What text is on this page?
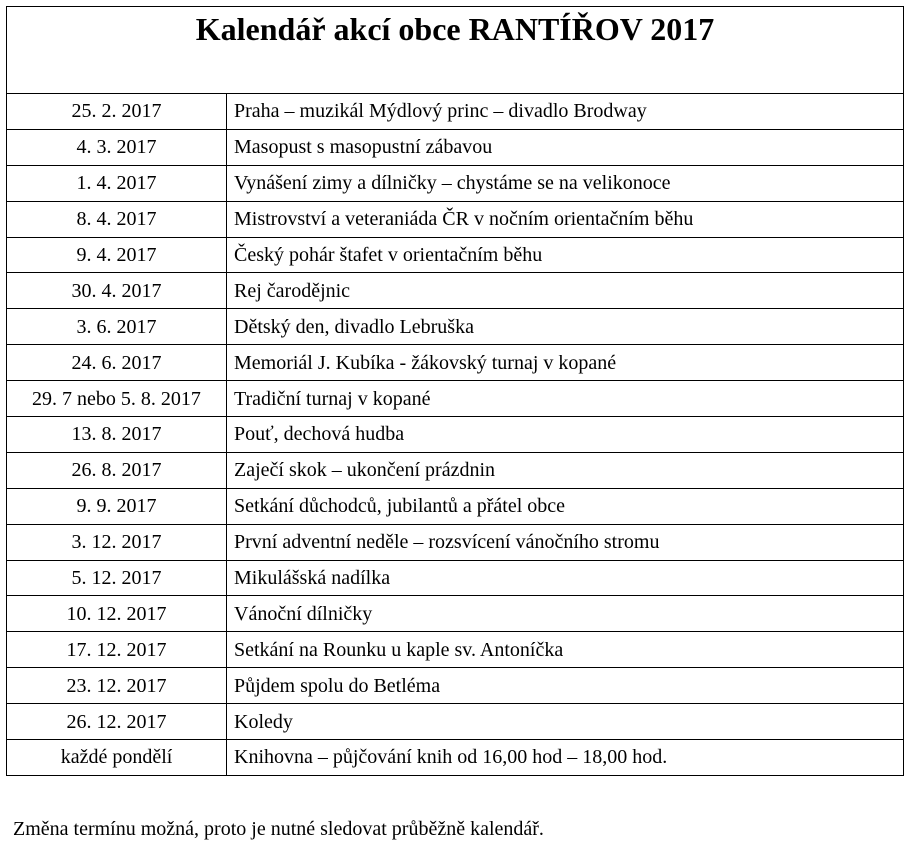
Kalendář akcí obce RANTÍŘOV 2017	

25. 2. 2017	Praha – muzikál Mýdlový princ – divadlo Brodway
4. 3. 2017	Masopust s masopustní zábavou
1. 4. 2017	Vynášení zimy a dílničky – chystáme se na velikonoce
8. 4. 2017	Mistrovství a veteraniáda ČR v nočním orientačním běhu
9. 4. 2017	Český pohár štafet v orientačním běhu
30. 4. 2017	Rej čarodějnic
3. 6. 2017	Dětský den, divadlo Lebruška
24. 6. 2017	Memoriál J. Kubíka - žákovský turnaj v kopané
29. 7 nebo 5. 8. 2017	Tradiční turnaj v kopané
13. 8. 2017	Pouť, dechová hudba
26. 8. 2017	Zaječí skok – ukončení prázdnin
9. 9. 2017	Setkání důchodců, jubilantů a přátel obce
3. 12. 2017	První adventní neděle – rozsvícení vánočního stromu
5. 12. 2017	Mikulášská nadílka
10. 12. 2017	Vánoční dílničky
17. 12. 2017	Setkání na Rounku u kaple sv. Antoníčka
23. 12. 2017	Půjdem spolu do Betléma
26. 12. 2017	Koledy
každé pondělí	Knihovna – půjčování knih od 16,00 hod – 18,00 hod.
Změna termínu možná, proto je nutné sledovat průběžně kalendář.
